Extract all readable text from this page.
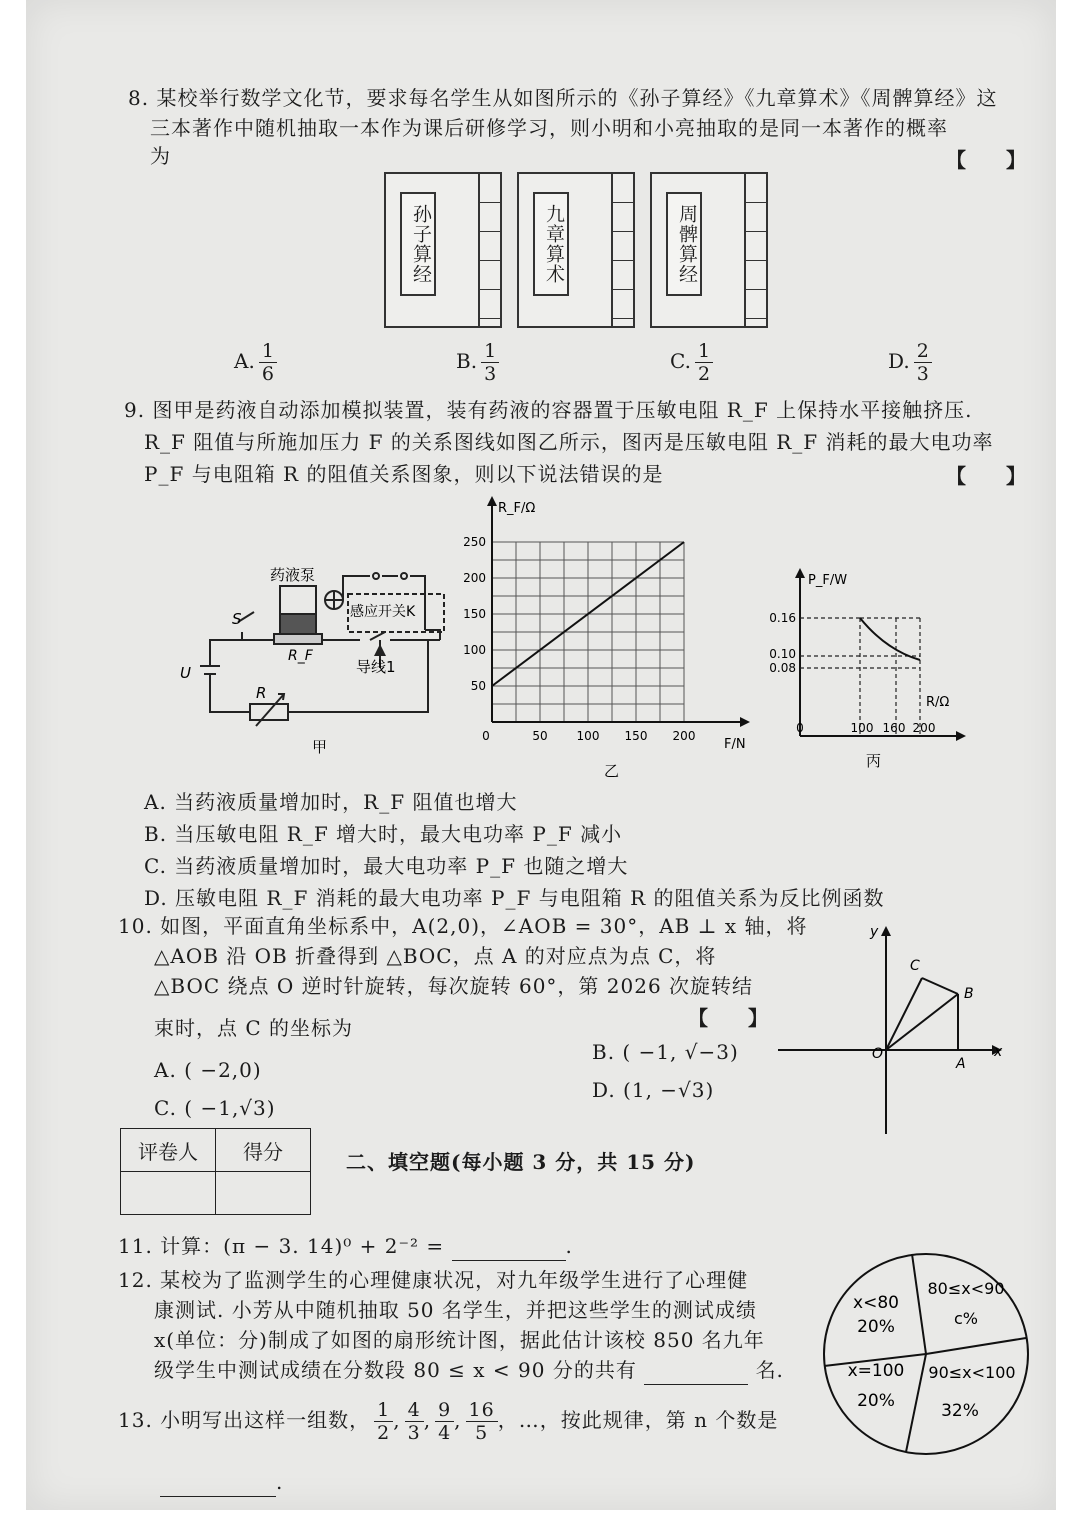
8. 某校举行数学文化节，要求每名学生从如图所示的《孙子算经》《九章算术》《周髀算经》这
三本著作中随机抽取一本作为课后研修学习，则小明和小亮抽取的是同一本著作的概率
为	【　　】
孙子算经	九章算术	周髀算经
A. $\frac{1}{6}$	B. $\frac{1}{3}$	C. $\frac{1}{2}$	D. $\frac{2}{3}$
9. 图甲是药液自动添加模拟装置，装有药液的容器置于压敏电阻 R_F 上保持水平接触挤压.
R_F 阻值与所施加压力 F 的关系图线如图乙所示，图丙是压敏电阻 R_F 消耗的最大电功率
P_F 与电阻箱 R 的阻值关系图象，则以下说法错误的是	【　　】
药液泵
感应开关K
S
R_F
导线1
U
R
甲
R_F/Ω
F/N
0	50 100 150 200
50
100
150
200
250
乙
P_F/W
R/Ω
0.16
0.10
0.08
0	100 160 200
丙
A. 当药液质量增加时，R_F 阻值也增大
B. 当压敏电阻 R_F 增大时，最大电功率 P_F 减小
C. 当药液质量增加时，最大电功率 P_F 也随之增大
D. 压敏电阻 R_F 消耗的最大电功率 P_F 与电阻箱 R 的阻值关系为反比例函数
10. 如图，平面直角坐标系中，A(2,0)，∠AOB = 30°，AB ⊥ x 轴，将
△AOB 沿 OB 折叠得到 △BOC，点 A 的对应点为点 C，将
△BOC 绕点 O 逆时针旋转，每次旋转 60°，第 2026 次旋转结
束时，点 C 的坐标为	【　　】
A. ( −2,0)
B. ( −1, √−3)
C. ( −1,√3)
D. (1, −√3)
y
x
O
A
B
C
评卷人	得分
		二、填空题(每小题 3 分，共 15 分)
11. 计算：(π − 3. 14)⁰ + 2⁻² =	.
12. 某校为了监测学生的心理健康状况，对九年级学生进行了心理健
康测试. 小芳从中随机抽取 50 名学生，并把这些学生的测试成绩
x(单位：分)制成了如图的扇形统计图，据此估计该校 850 名九年
级学生中测试成绩在分数段 80 ≤ x < 90 分的共有	名.
x<80
20%
80≤x<90
c%
x=100
20%
90≤x<100
32%
13. 小明写出这样一组数， $\frac{1}{2}$ , $\frac{4}{3}$ , $\frac{9}{4}$ , $\frac{16}{5}$ ，…，按此规律，第 n 个数是
.
